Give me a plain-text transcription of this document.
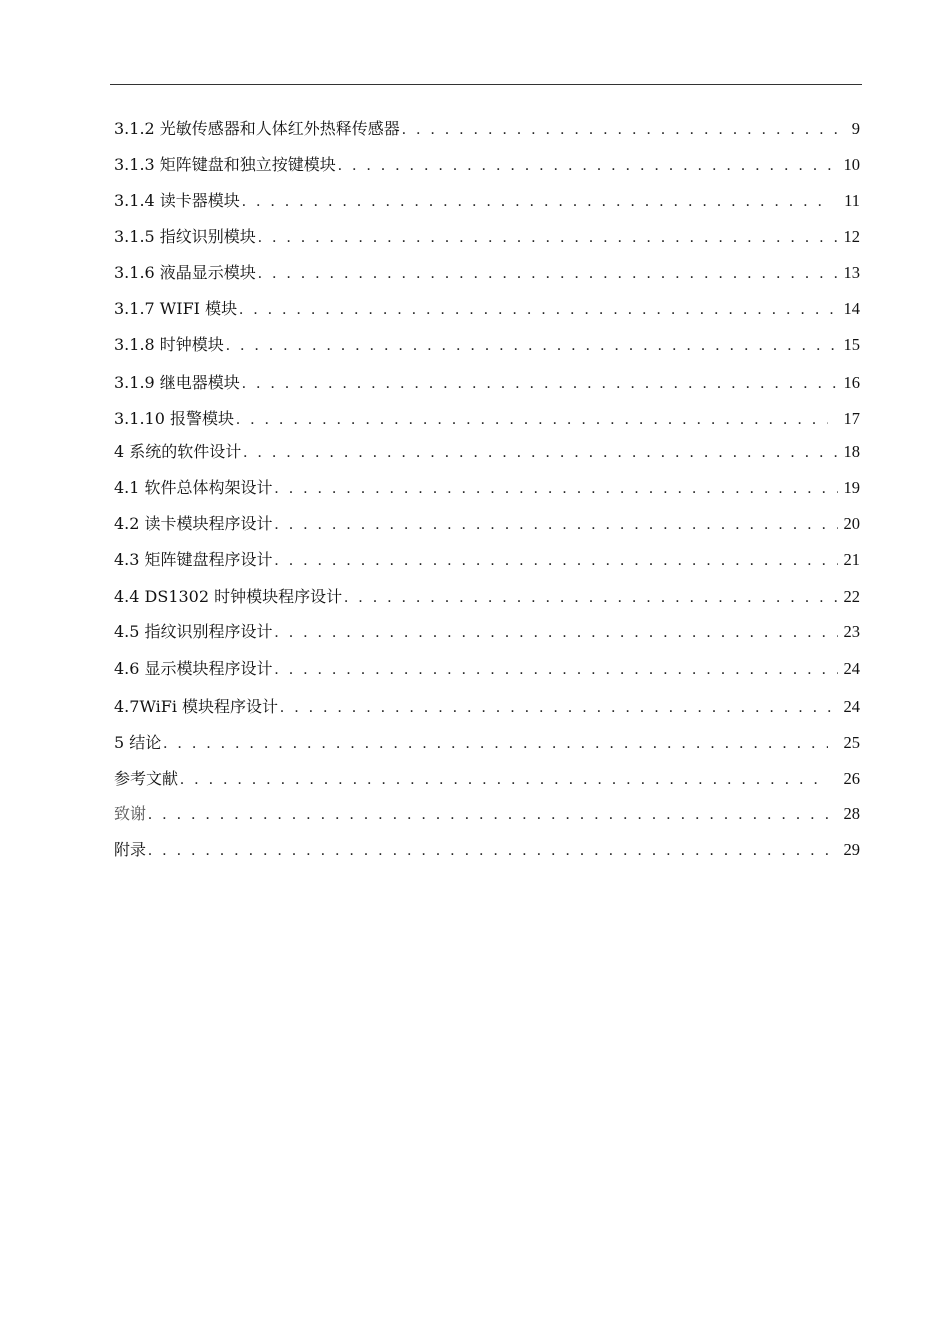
3.1.2 光敏传感器和人体红外热释传感器 . . .	9
3.1.3 矩阵键盘和独立按键模块 . . .	10
3.1.4 读卡器模块 . . .	11
3.1.5 指纹识别模块 . . .	12
3.1.6 液晶显示模块 . . .	13
3.1.7 WIFI 模块 . . .	14
3.1.8 时钟模块 . . .	15
3.1.9 继电器模块 . . .	16
3.1.10 报警模块 . . .	17
4 系统的软件设计 . . .	18
4.1 软件总体构架设计 . . .	19
4.2 读卡模块程序设计 . . .	20
4.3 矩阵键盘程序设计 . . .	21
4.4 DS1302 时钟模块程序设计 . . .	22
4.5 指纹识别程序设计 . . .	23
4.6 显示模块程序设计 . . .	24
4.7WiFi 模块程序设计 . . .	24
5 结论 . . .	25
参考文献 . . .	26
致谢 . . .	28
附录 . . .	29
